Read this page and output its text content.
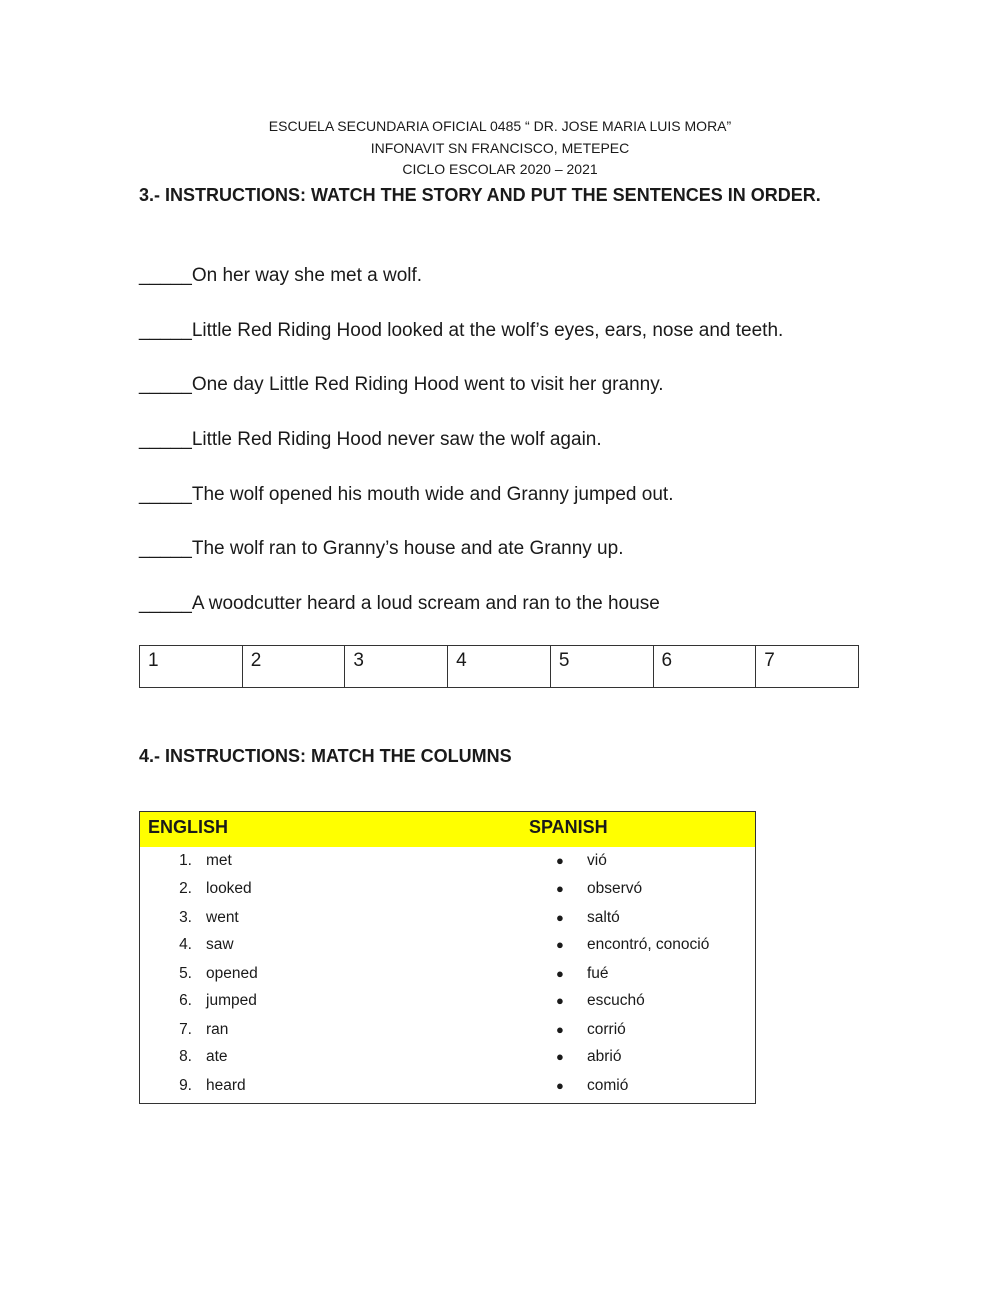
ESCUELA SECUNDARIA OFICIAL 0485 “ DR. JOSE MARIA LUIS MORA”
INFONAVIT SN FRANCISCO, METEPEC
CICLO ESCOLAR 2020 – 2021
3.- INSTRUCTIONS: WATCH THE STORY AND PUT THE SENTENCES IN ORDER.
_____On her way she met a wolf.
_____Little Red Riding Hood looked at the wolf’s eyes, ears, nose and teeth.
_____One day Little Red Riding Hood went to visit her granny.
_____Little Red Riding Hood never saw the wolf again.
_____The wolf opened his mouth wide and Granny jumped out.
_____The wolf ran to Granny’s house and ate Granny up.
_____A woodcutter heard a loud scream and ran to the house
1	2	3	4	5	6	7
4.- INSTRUCTIONS: MATCH THE COLUMNS
ENGLISH	SPANISH
1. met	● vió
2. looked	● observó
3. went	● saltó
4. saw	● encontró, conoció
5. opened	● fué
6. jumped	● escuchó
7. ran	● corrió
8. ate	● abrió
9. heard	● comió
